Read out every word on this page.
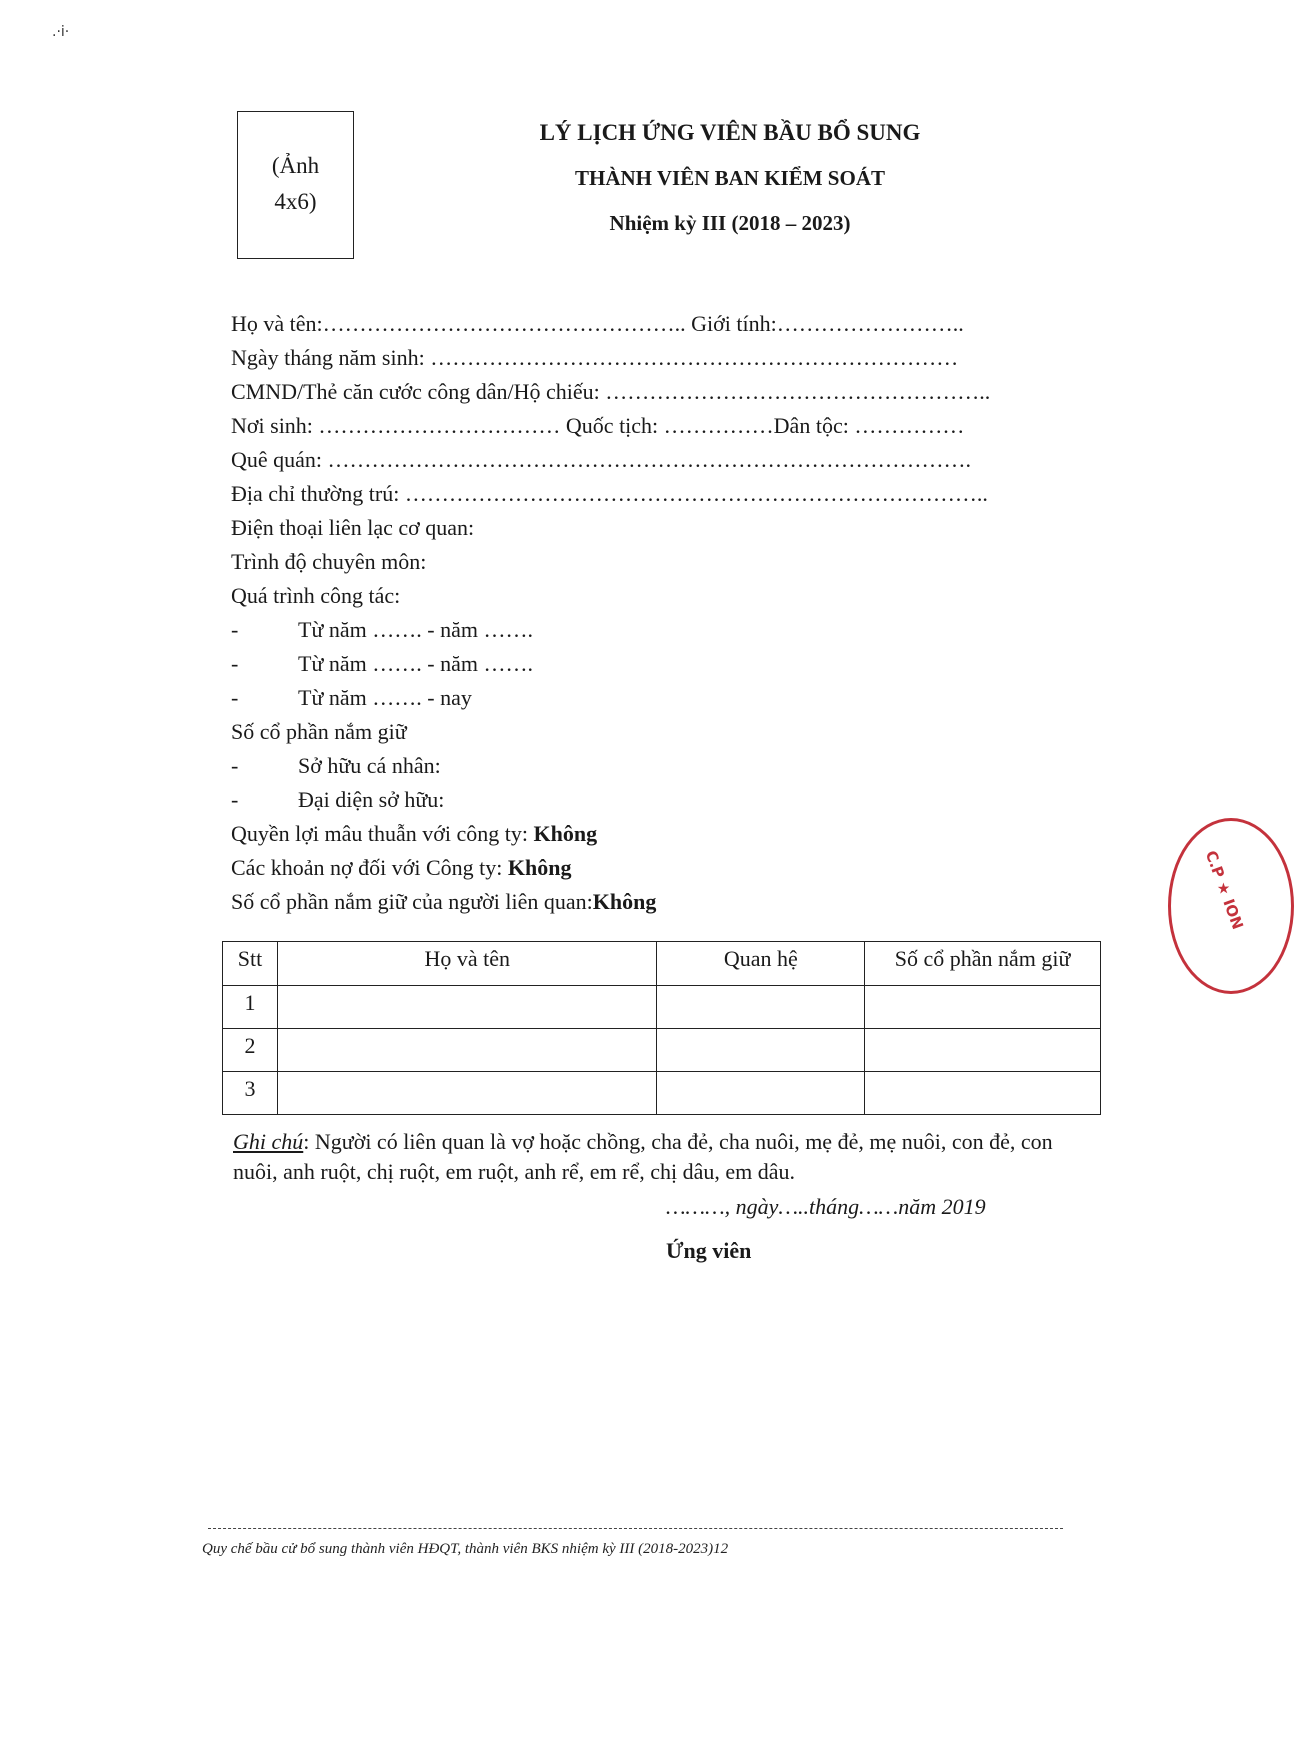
.·i·
(Ảnh
4x6)
LÝ LỊCH ỨNG VIÊN BẦU BỔ SUNG
THÀNH VIÊN BAN KIỂM SOÁT
Nhiệm kỳ III (2018 – 2023)
Họ và tên:………………………………………….. Giới tính:……………………..
Ngày tháng năm sinh: ………………………………………………………………
CMND/Thẻ căn cước công dân/Hộ chiếu: ……………………………………………..
Nơi sinh: …………………………… Quốc tịch: ……………Dân tộc: ……………
Quê quán: …………………………………………………………………………….
Địa chỉ thường trú: ……………………………………………………………………..
Điện thoại liên lạc cơ quan:
Trình độ chuyên môn:
Quá trình công tác:
-	Từ năm ……. - năm …….
-	Từ năm ……. - năm …….
-	Từ năm ……. - nay
Số cổ phần nắm giữ
-	Sở hữu cá nhân:
-	Đại diện sở hữu:
Quyền lợi mâu thuẫn với công ty: Không
Các khoản nợ đối với Công ty: Không
Số cổ phần nắm giữ của người liên quan:Không
Stt	Họ và tên	Quan hệ	Số cổ phần nắm giữ
1			
2			
3			
Ghi chú: Người có liên quan là vợ hoặc chồng, cha đẻ, cha nuôi, mẹ đẻ, mẹ nuôi, con đẻ, con nuôi, anh ruột, chị ruột, em ruột, anh rể, em rể, chị dâu, em dâu.
………, ngày…..tháng……năm 2019
Ứng viên
Quy chế bầu cử bổ sung thành viên HĐQT, thành viên BKS nhiệm kỳ III (2018-2023)12
C.P ★ ION
